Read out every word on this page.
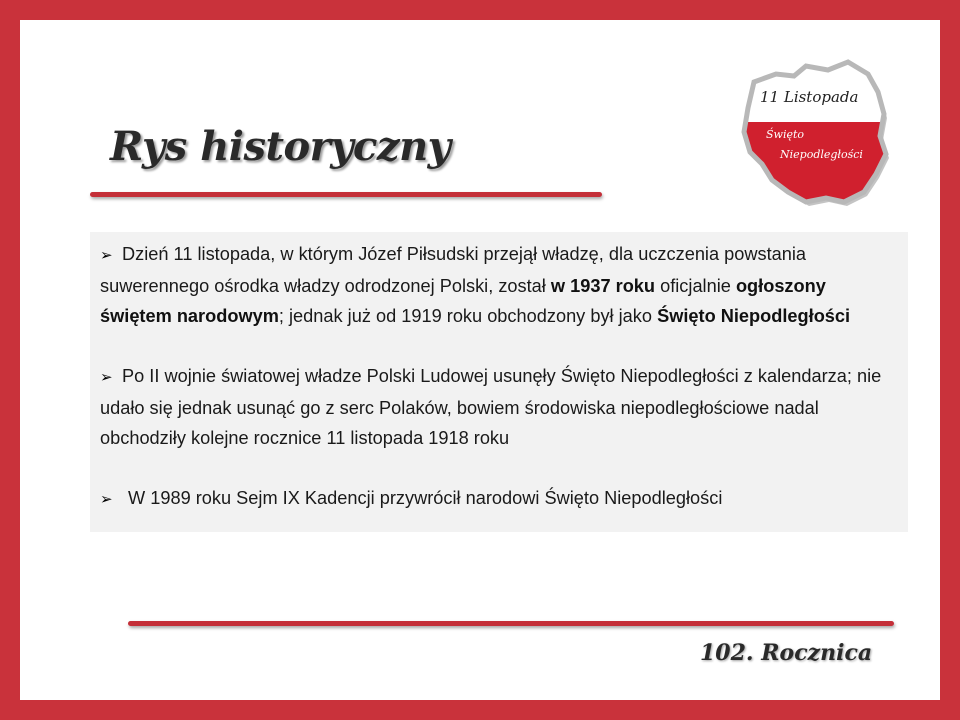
Rys historyczny
11 Listopada
Święto
Niepodległości

➢ Dzień 11 listopada, w którym Józef Piłsudski przejął władzę, dla uczczenia powstania suwerennego ośrodka władzy odrodzonej Polski, został w 1937 roku oficjalnie ogłoszony świętem narodowym; jednak już od 1919 roku obchodzony był jako Święto Niepodległości

➢ Po II wojnie światowej władze Polski Ludowej usunęły Święto Niepodległości z kalendarza; nie udało się jednak usunąć go z serc Polaków, bowiem środowiska niepodległościowe nadal obchodziły kolejne rocznice 11 listopada 1918 roku

➢ W 1989 roku Sejm IX Kadencji przywrócił narodowi Święto Niepodległości

102. Rocznica
